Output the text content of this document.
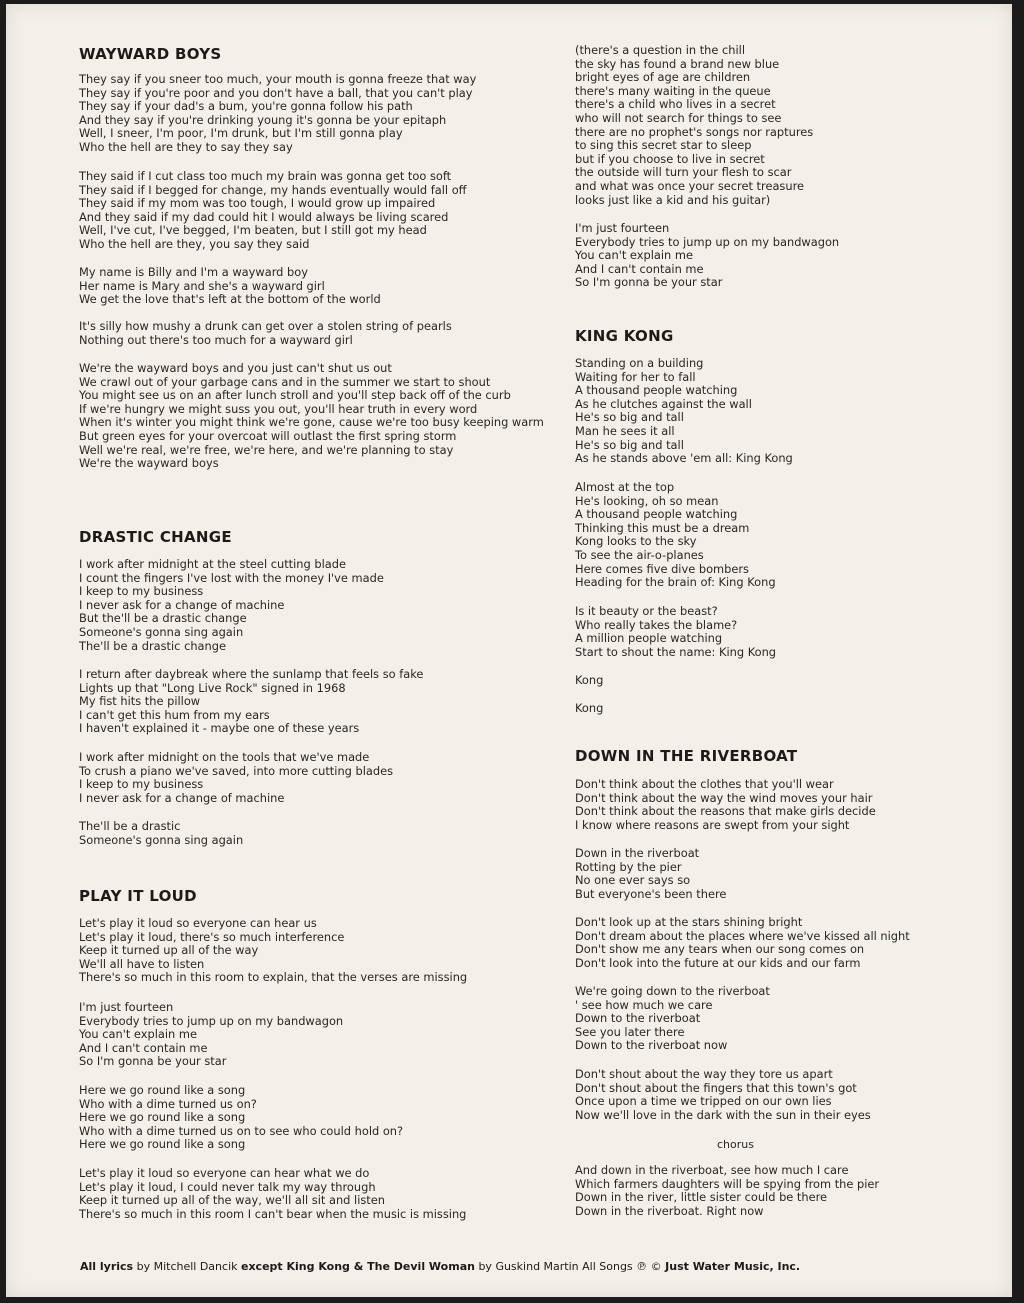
WAYWARD BOYS
They say if you sneer too much, your mouth is gonna freeze that way
They say if you're poor and you don't have a ball, that you can't play
They say if your dad's a bum, you're gonna follow his path
And they say if you're drinking young it's gonna be your epitaph
Well, I sneer, I'm poor, I'm drunk, but I'm still gonna play
Who the hell are they to say they say
They said if I cut class too much my brain was gonna get too soft
They said if I begged for change, my hands eventually would fall off
They said if my mom was too tough, I would grow up impaired
And they said if my dad could hit I would always be living scared
Well, I've cut, I've begged, I'm beaten, but I still got my head
Who the hell are they, you say they said
My name is Billy and I'm a wayward boy
Her name is Mary and she's a wayward girl
We get the love that's left at the bottom of the world
It's silly how mushy a drunk can get over a stolen string of pearls
Nothing out there's too much for a wayward girl
We're the wayward boys and you just can't shut us out
We crawl out of your garbage cans and in the summer we start to shout
You might see us on an after lunch stroll and you'll step back off of the curb
If we're hungry we might suss you out, you'll hear truth in every word
When it's winter you might think we're gone, cause we're too busy keeping warm
But green eyes for your overcoat will outlast the first spring storm
Well we're real, we're free, we're here, and we're planning to stay
We're the wayward boys
DRASTIC CHANGE
I work after midnight at the steel cutting blade
I count the fingers I've lost with the money I've made
I keep to my business
I never ask for a change of machine
But the'll be a drastic change
Someone's gonna sing again
The'll be a drastic change
I return after daybreak where the sunlamp that feels so fake
Lights up that "Long Live Rock" signed in 1968
My fist hits the pillow
I can't get this hum from my ears
I haven't explained it - maybe one of these years
I work after midnight on the tools that we've made
To crush a piano we've saved, into more cutting blades
I keep to my business
I never ask for a change of machine
The'll be a drastic
Someone's gonna sing again
PLAY IT LOUD
Let's play it loud so everyone can hear us
Let's play it loud, there's so much interference
Keep it turned up all of the way
We'll all have to listen
There's so much in this room to explain, that the verses are missing
I'm just fourteen
Everybody tries to jump up on my bandwagon
You can't explain me
And I can't contain me
So I'm gonna be your star
Here we go round like a song
Who with a dime turned us on?
Here we go round like a song
Who with a dime turned us on to see who could hold on?
Here we go round like a song
Let's play it loud so everyone can hear what we do
Let's play it loud, I could never talk my way through
Keep it turned up all of the way, we'll all sit and listen
There's so much in this room I can't bear when the music is missing
(there's a question in the chill
the sky has found a brand new blue
bright eyes of age are children
there's many waiting in the queue
there's a child who lives in a secret
who will not search for things to see
there are no prophet's songs nor raptures
to sing this secret star to sleep
but if you choose to live in secret
the outside will turn your flesh to scar
and what was once your secret treasure
looks just like a kid and his guitar)
I'm just fourteen
Everybody tries to jump up on my bandwagon
You can't explain me
And I can't contain me
So I'm gonna be your star
KING KONG
Standing on a building
Waiting for her to fall
A thousand people watching
As he clutches against the wall
He's so big and tall
Man he sees it all
He's so big and tall
As he stands above 'em all: King Kong
Almost at the top
He's looking, oh so mean
A thousand people watching
Thinking this must be a dream
Kong looks to the sky
To see the air-o-planes
Here comes five dive bombers
Heading for the brain of: King Kong
Is it beauty or the beast?
Who really takes the blame?
A million people watching
Start to shout the name: King Kong
Kong
Kong
DOWN IN THE RIVERBOAT
Don't think about the clothes that you'll wear
Don't think about the way the wind moves your hair
Don't think about the reasons that make girls decide
I know where reasons are swept from your sight
Down in the riverboat
Rotting by the pier
No one ever says so
But everyone's been there
Don't look up at the stars shining bright
Don't dream about the places where we've kissed all night
Don't show me any tears when our song comes on
Don't look into the future at our kids and our farm
We're going down to the riverboat
' see how much we care
Down to the riverboat
See you later there
Down to the riverboat now
Don't shout about the way they tore us apart
Don't shout about the fingers that this town's got
Once upon a time we tripped on our own lies
Now we'll love in the dark with the sun in their eyes

chorus

And down in the riverboat, see how much I care
Which farmers daughters will be spying from the pier
Down in the river, little sister could be there
Down in the riverboat. Right now

All lyrics by Mitchell Dancik except King Kong & The Devil Woman by Guskind Martin All Songs ℗ © Just Water Music, Inc.
